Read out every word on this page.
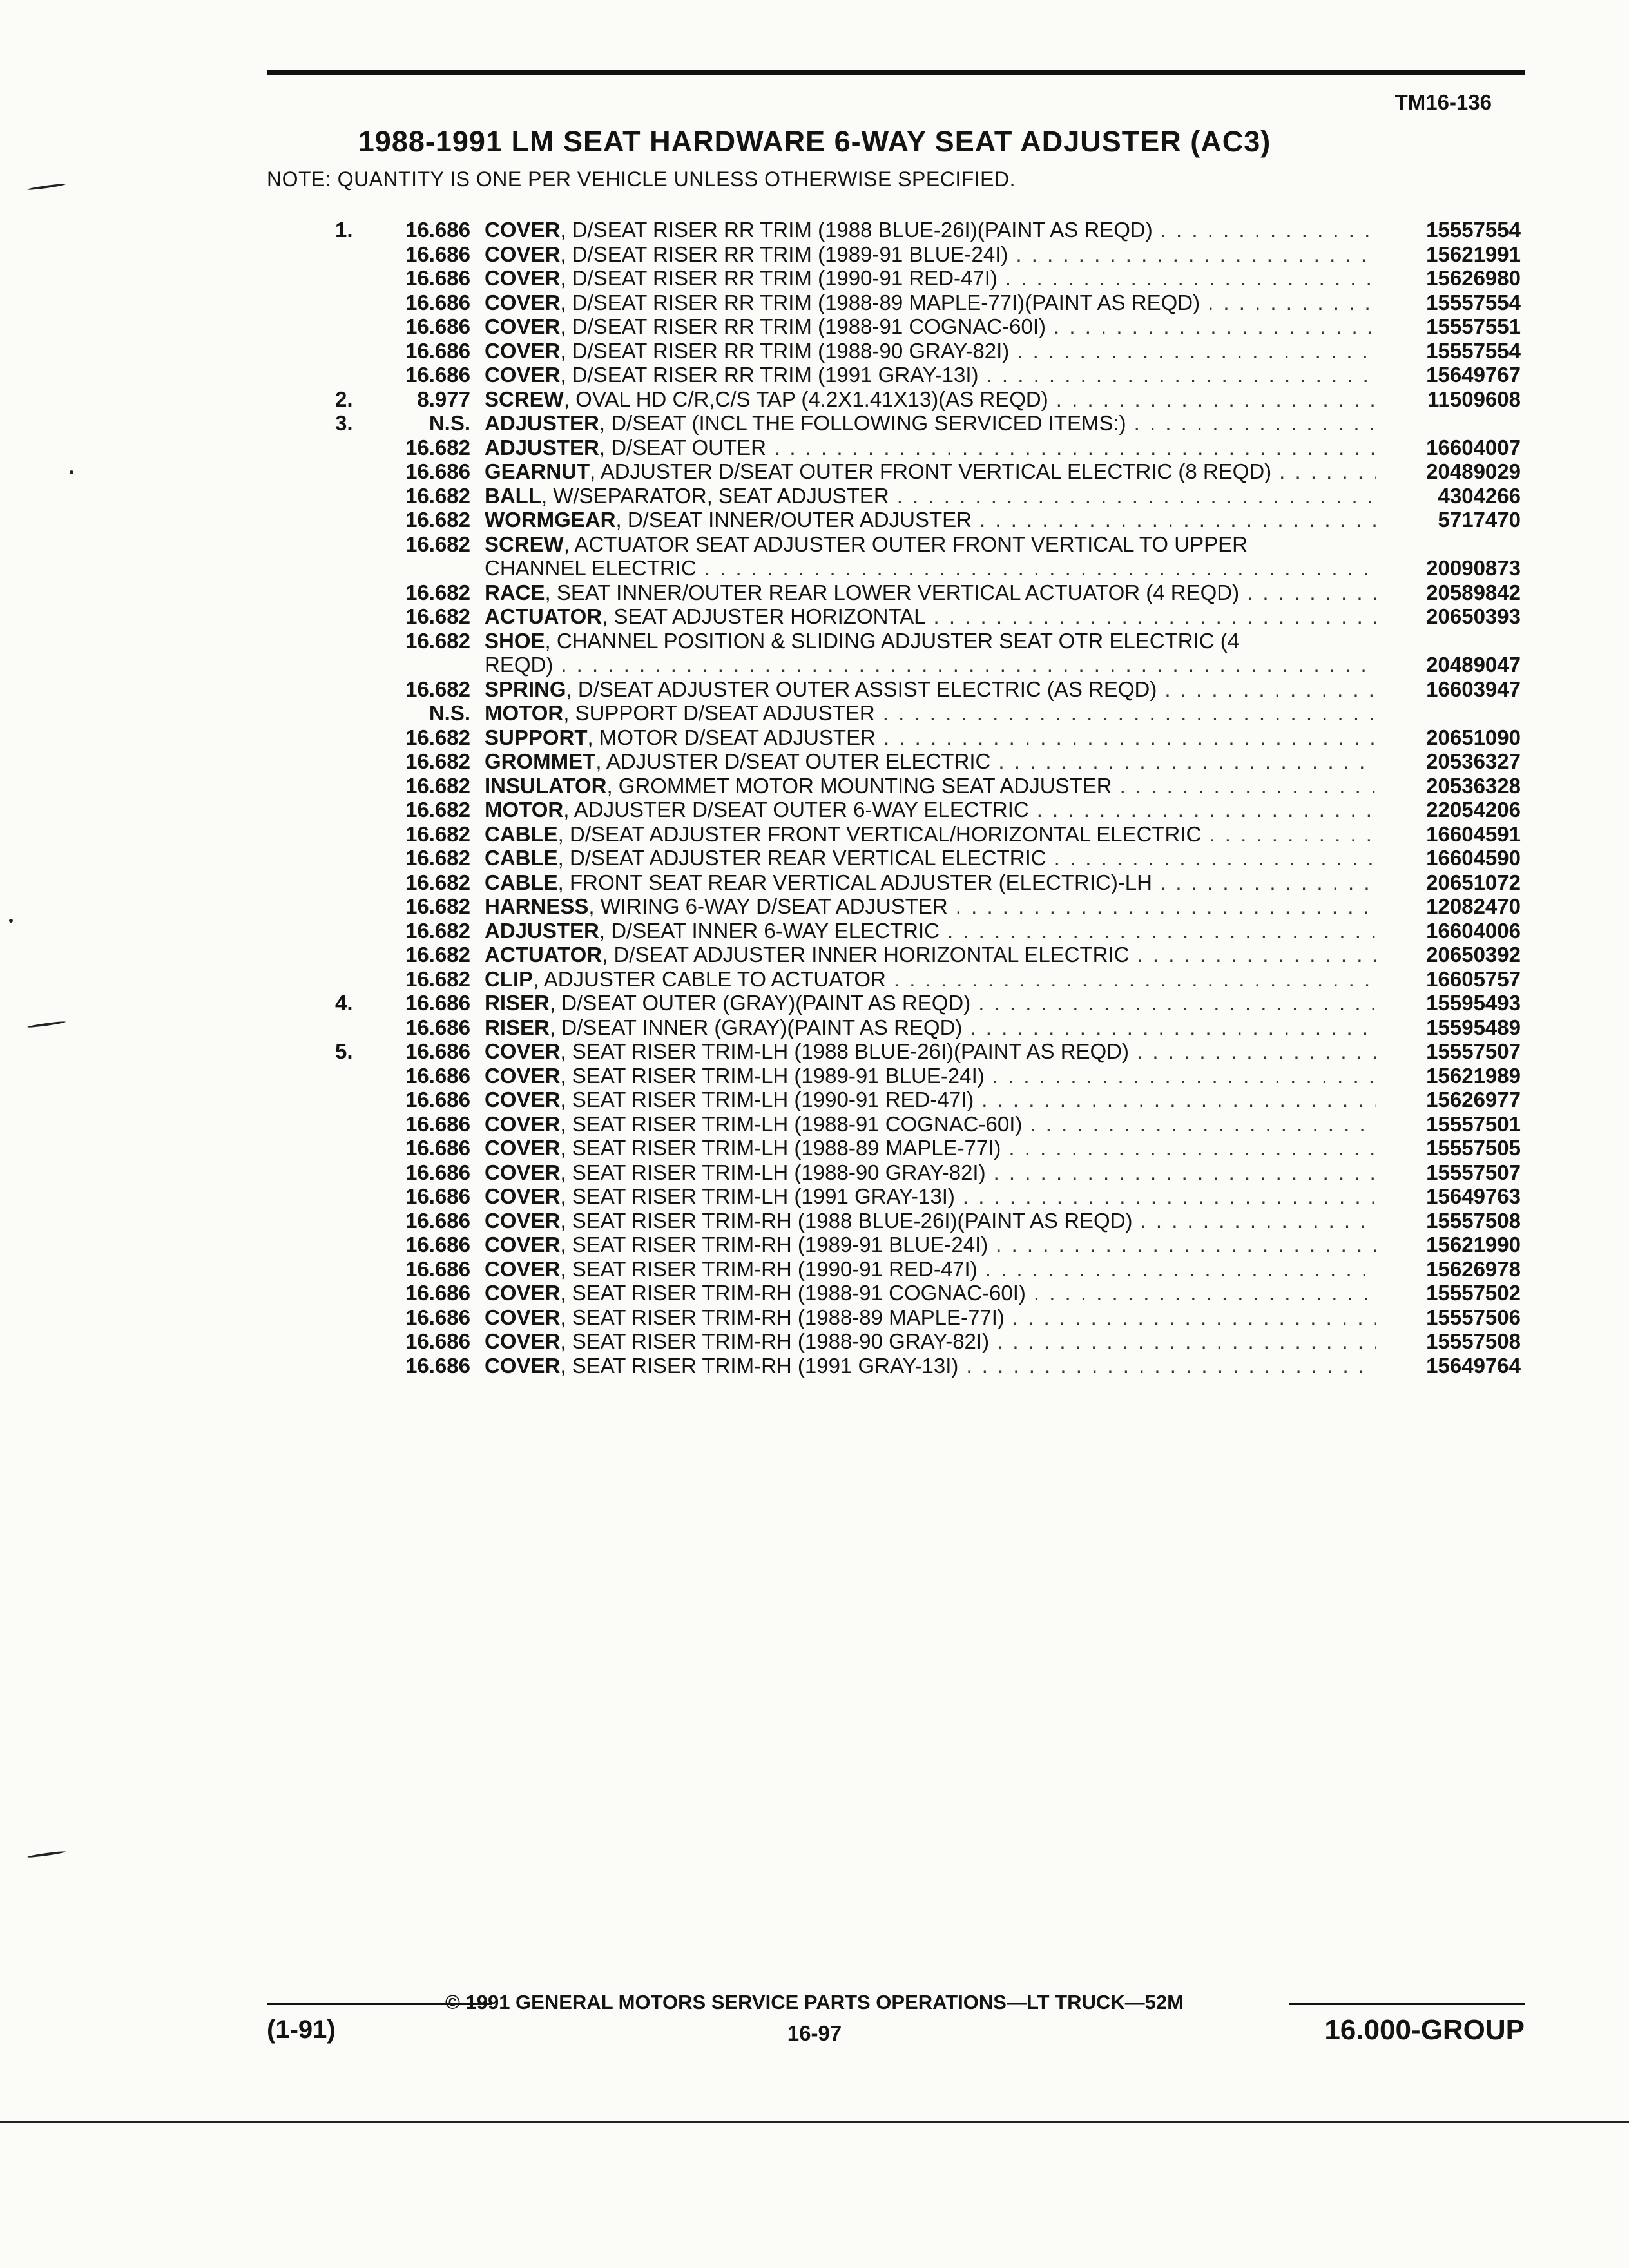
TM16-136
1988-1991 LM SEAT HARDWARE 6-WAY SEAT ADJUSTER (AC3)
NOTE: QUANTITY IS ONE PER VEHICLE UNLESS OTHERWISE SPECIFIED.
1.	16.686 COVER , D/SEAT RISER RR TRIM (1988 BLUE-26I)(PAINT AS REQD) . . .	15557554
16.686 COVER , D/SEAT RISER RR TRIM (1989-91 BLUE-24I) . . .	15621991
16.686 COVER , D/SEAT RISER RR TRIM (1990-91 RED-47I) . . .	15626980
16.686 COVER , D/SEAT RISER RR TRIM (1988-89 MAPLE-77I)(PAINT AS REQD) . . .	15557554
16.686 COVER , D/SEAT RISER RR TRIM (1988-91 COGNAC-60I) . . .	15557551
16.686 COVER , D/SEAT RISER RR TRIM (1988-90 GRAY-82I) . . .	15557554
16.686 COVER , D/SEAT RISER RR TRIM (1991 GRAY-13I) . . .	15649767
2.	8.977 SCREW , OVAL HD C/R,C/S TAP (4.2X1.41X13)(AS REQD) . . .	11509608
3.	N.S. ADJUSTER , D/SEAT (INCL THE FOLLOWING SERVICED ITEMS:)
. . .
16.682 ADJUSTER , D/SEAT OUTER . . .	16604007
16.686 GEARNUT , ADJUSTER D/SEAT OUTER FRONT VERTICAL ELECTRIC (8 REQD) . . .	20489029
16.682 BALL , W/SEPARATOR, SEAT ADJUSTER . . .	4304266
16.682 WORMGEAR , D/SEAT INNER/OUTER ADJUSTER . . .	5717470
16.682 SCREW , ACTUATOR SEAT ADJUSTER OUTER FRONT VERTICAL TO UPPER
CHANNEL ELECTRIC . . .	20090873
16.682 RACE , SEAT INNER/OUTER REAR LOWER VERTICAL ACTUATOR (4 REQD) . . .	20589842
16.682 ACTUATOR , SEAT ADJUSTER HORIZONTAL . . .	20650393
16.682 SHOE , CHANNEL POSITION & SLIDING ADJUSTER SEAT OTR ELECTRIC (4
REQD) . . .	20489047
16.682 SPRING , D/SEAT ADJUSTER OUTER ASSIST ELECTRIC (AS REQD) . . .	16603947
N.S. MOTOR , SUPPORT D/SEAT ADJUSTER
. . .
16.682 SUPPORT , MOTOR D/SEAT ADJUSTER . . .	20651090
16.682 GROMMET , ADJUSTER D/SEAT OUTER ELECTRIC . . .	20536327
16.682 INSULATOR , GROMMET MOTOR MOUNTING SEAT ADJUSTER . . .	20536328
16.682 MOTOR , ADJUSTER D/SEAT OUTER 6-WAY ELECTRIC . . .	22054206
16.682 CABLE , D/SEAT ADJUSTER FRONT VERTICAL/HORIZONTAL ELECTRIC . . .	16604591
16.682 CABLE , D/SEAT ADJUSTER REAR VERTICAL ELECTRIC . . .	16604590
16.682 CABLE , FRONT SEAT REAR VERTICAL ADJUSTER (ELECTRIC)-LH . . .	20651072
16.682 HARNESS , WIRING 6-WAY D/SEAT ADJUSTER . . .	12082470
16.682 ADJUSTER , D/SEAT INNER 6-WAY ELECTRIC . . .	16604006
16.682 ACTUATOR , D/SEAT ADJUSTER INNER HORIZONTAL ELECTRIC . . .	20650392
16.682 CLIP , ADJUSTER CABLE TO ACTUATOR . . .	16605757
4.	16.686 RISER , D/SEAT OUTER (GRAY)(PAINT AS REQD) . . .	15595493
16.686 RISER , D/SEAT INNER (GRAY)(PAINT AS REQD) . . .	15595489
5.	16.686 COVER , SEAT RISER TRIM-LH (1988 BLUE-26I)(PAINT AS REQD) . . .	15557507
16.686 COVER , SEAT RISER TRIM-LH (1989-91 BLUE-24I) . . .	15621989
16.686 COVER , SEAT RISER TRIM-LH (1990-91 RED-47I) . . .	15626977
16.686 COVER , SEAT RISER TRIM-LH (1988-91 COGNAC-60I) . . .	15557501
16.686 COVER , SEAT RISER TRIM-LH (1988-89 MAPLE-77I) . . .	15557505
16.686 COVER , SEAT RISER TRIM-LH (1988-90 GRAY-82I) . . .	15557507
16.686 COVER , SEAT RISER TRIM-LH (1991 GRAY-13I) . . .	15649763
16.686 COVER , SEAT RISER TRIM-RH (1988 BLUE-26I)(PAINT AS REQD) . . .	15557508
16.686 COVER , SEAT RISER TRIM-RH (1989-91 BLUE-24I) . . .	15621990
16.686 COVER , SEAT RISER TRIM-RH (1990-91 RED-47I) . . .	15626978
16.686 COVER , SEAT RISER TRIM-RH (1988-91 COGNAC-60I) . . .	15557502
16.686 COVER , SEAT RISER TRIM-RH (1988-89 MAPLE-77I) . . .	15557506
16.686 COVER , SEAT RISER TRIM-RH (1988-90 GRAY-82I) . . .	15557508
16.686 COVER , SEAT RISER TRIM-RH (1991 GRAY-13I) . . .	15649764
© 1991 GENERAL MOTORS SERVICE PARTS OPERATIONS—LT TRUCK—52M
16-97
(1-91)	16.000-GROUP
